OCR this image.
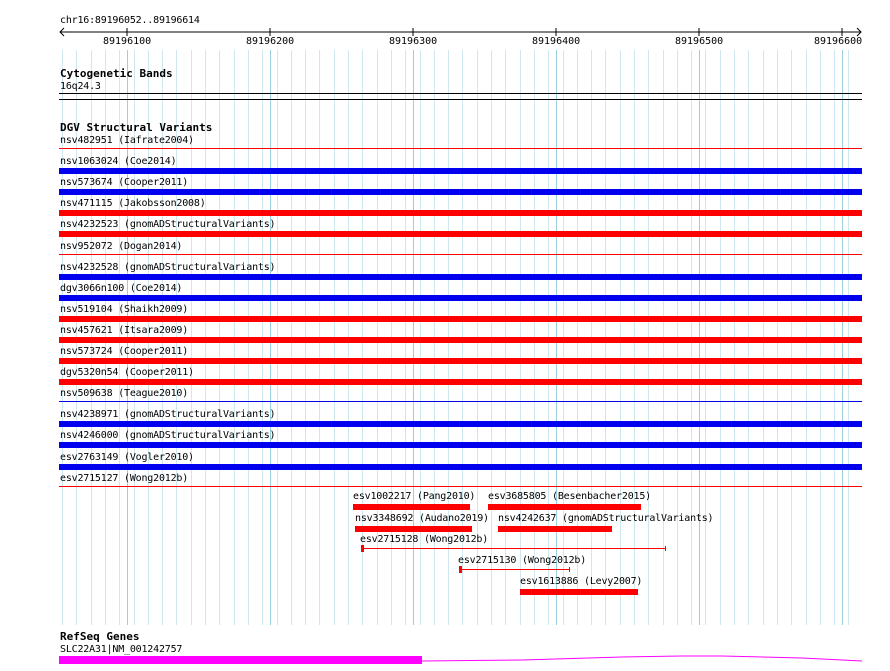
chr16:89196052..89196614
89196100	89196200	89196300	89196400	89196500	89196600
Cytogenetic Bands
16q24.3
DGV Structural Variants
nsv482951 (Iafrate2004)
nsv1063024 (Coe2014)
nsv573674 (Cooper2011)
nsv471115 (Jakobsson2008)
nsv4232523 (gnomADStructuralVariants)
nsv952072 (Dogan2014)
nsv4232528 (gnomADStructuralVariants)
dgv3066n100 (Coe2014)
nsv519104 (Shaikh2009)
nsv457621 (Itsara2009)
nsv573724 (Cooper2011)
dgv5320n54 (Cooper2011)
nsv509638 (Teague2010)
nsv4238971 (gnomADStructuralVariants)
nsv4246000 (gnomADStructuralVariants)
esv2763149 (Vogler2010)
esv2715127 (Wong2012b)
esv1002217 (Pang2010) esv3685805 (Besenbacher2015)
nsv3348692 (Audano2019) nsv4242637 (gnomADStructuralVariants)
esv2715128 (Wong2012b)
esv2715130 (Wong2012b)
esv1613886 (Levy2007)
RefSeq Genes
SLC22A31|NM_001242757
